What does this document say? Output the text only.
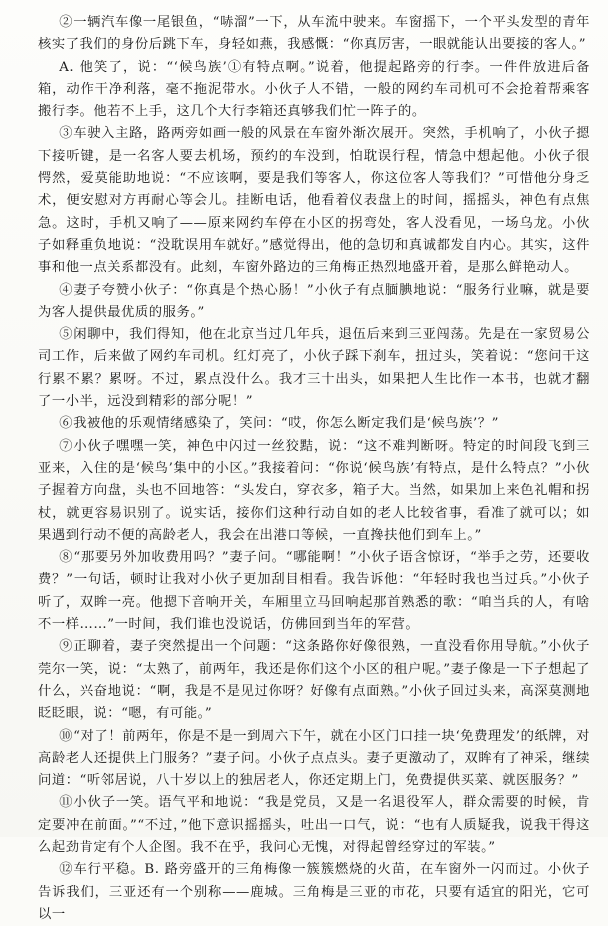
②一辆汽车像一尾银鱼，“哧溜”一下，从车流中驶来。车窗摇下，一个平头发型的青年核实了我们的身份后跳下车，身轻如燕，我感慨：“你真厉害，一眼就能认出要接的客人。”

A. 他笑了，说：“‘候鸟族’①有特点啊。”说着，他提起路旁的行李。一件件放进后备箱，动作干净利落，毫不拖泥带水。小伙子人不错，一般的网约车司机可不会抢着帮乘客搬行李。他若不上手，这几个大行李箱还真够我们忙一阵子的。

③车驶入主路，路两旁如画一般的风景在车窗外渐次展开。突然，手机响了，小伙子摁下接听键，是一名客人要去机场，预约的车没到，怕耽误行程，情急中想起他。小伙子很愕然，爱莫能助地说：“不应该啊，要是我们等客人，你这位客人等我们？”可惜他分身乏术，便安慰对方再耐心等会儿。挂断电话，他看着仪表盘上的时间，摇摇头，神色有点焦急。这时，手机又响了——原来网约车停在小区的拐弯处，客人没看见，一场乌龙。小伙子如释重负地说：“没耽误用车就好。”感觉得出，他的急切和真诚都发自内心。其实，这件事和他一点关系都没有。此刻，车窗外路边的三角梅正热烈地盛开着，是那么鲜艳动人。

④妻子夸赞小伙子：“你真是个热心肠！”小伙子有点腼腆地说：“服务行业嘛，就是要为客人提供最优质的服务。”

⑤闲聊中，我们得知，他在北京当过几年兵，退伍后来到三亚闯荡。先是在一家贸易公司工作，后来做了网约车司机。红灯亮了，小伙子踩下刹车，扭过头，笑着说：“您问干这行累不累？累呀。不过，累点没什么。我才三十出头，如果把人生比作一本书，也就才翻了一小半，远没到精彩的部分呢！”

⑥我被他的乐观情绪感染了，笑问：“哎，你怎么断定我们是‘候鸟族’？”

⑦小伙子嘿嘿一笑，神色中闪过一丝狡黠，说：“这不难判断呀。特定的时间段飞到三亚来，入住的是‘候鸟’集中的小区。”我接着问：“你说‘候鸟族’有特点，是什么特点？”小伙子握着方向盘，头也不回地答：“头发白，穿衣多，箱子大。当然，如果加上来色礼帽和拐杖，就更容易识别了。说实话，接你们这种行动自如的老人比较省事，看准了就可以；如果遇到行动不便的高龄老人，我会在出港口等候，一直搀扶他们到车上。”

⑧“那要另外加收费用吗？”妻子问。“哪能啊！”小伙子语含惊讶，“举手之劳，还要收费？”一句话，顿时让我对小伙子更加刮目相看。我告诉他：“年轻时我也当过兵。”小伙子听了，双眸一亮。他摁下音响开关，车厢里立马回响起那首熟悉的歌：“咱当兵的人，有啥不一样……”一时间，我们谁也没说话，仿佛回到当年的军营。

⑨正聊着，妻子突然提出一个问题：“这条路你好像很熟，一直没看你用导航。”小伙子莞尔一笑，说：“太熟了，前两年，我还是你们这个小区的租户呢。”妻子像是一下子想起了什么，兴奋地说：“啊，我是不是见过你呀？好像有点面熟。”小伙子回过头来，高深莫测地眨眨眼，说：“嗯，有可能。”

⑩“对了！前两年，你是不是一到周六下午，就在小区门口挂一块‘免费理发’的纸牌，对高龄老人还提供上门服务？”妻子问。小伙子点点头。妻子更激动了，双眸有了神采，继续问道：“听邻居说，八十岁以上的独居老人，你还定期上门，免费提供买菜、就医服务？”

⑪小伙子一笑。语气平和地说：“我是党员，又是一名退役军人，群众需要的时候，肯定要冲在前面。”“不过，”他下意识摇摇头，吐出一口气，说：“也有人质疑我，说我干得这么起劲肯定有个人企图。我不在乎，我问心无愧，对得起曾经穿过的军装。”

⑫车行平稳。B. 路旁盛开的三角梅像一簇簇燃烧的火苗，在车窗外一闪而过。小伙子告诉我们，三亚还有一个别称——鹿城。三角梅是三亚的市花，只要有适宜的阳光，它可以一
